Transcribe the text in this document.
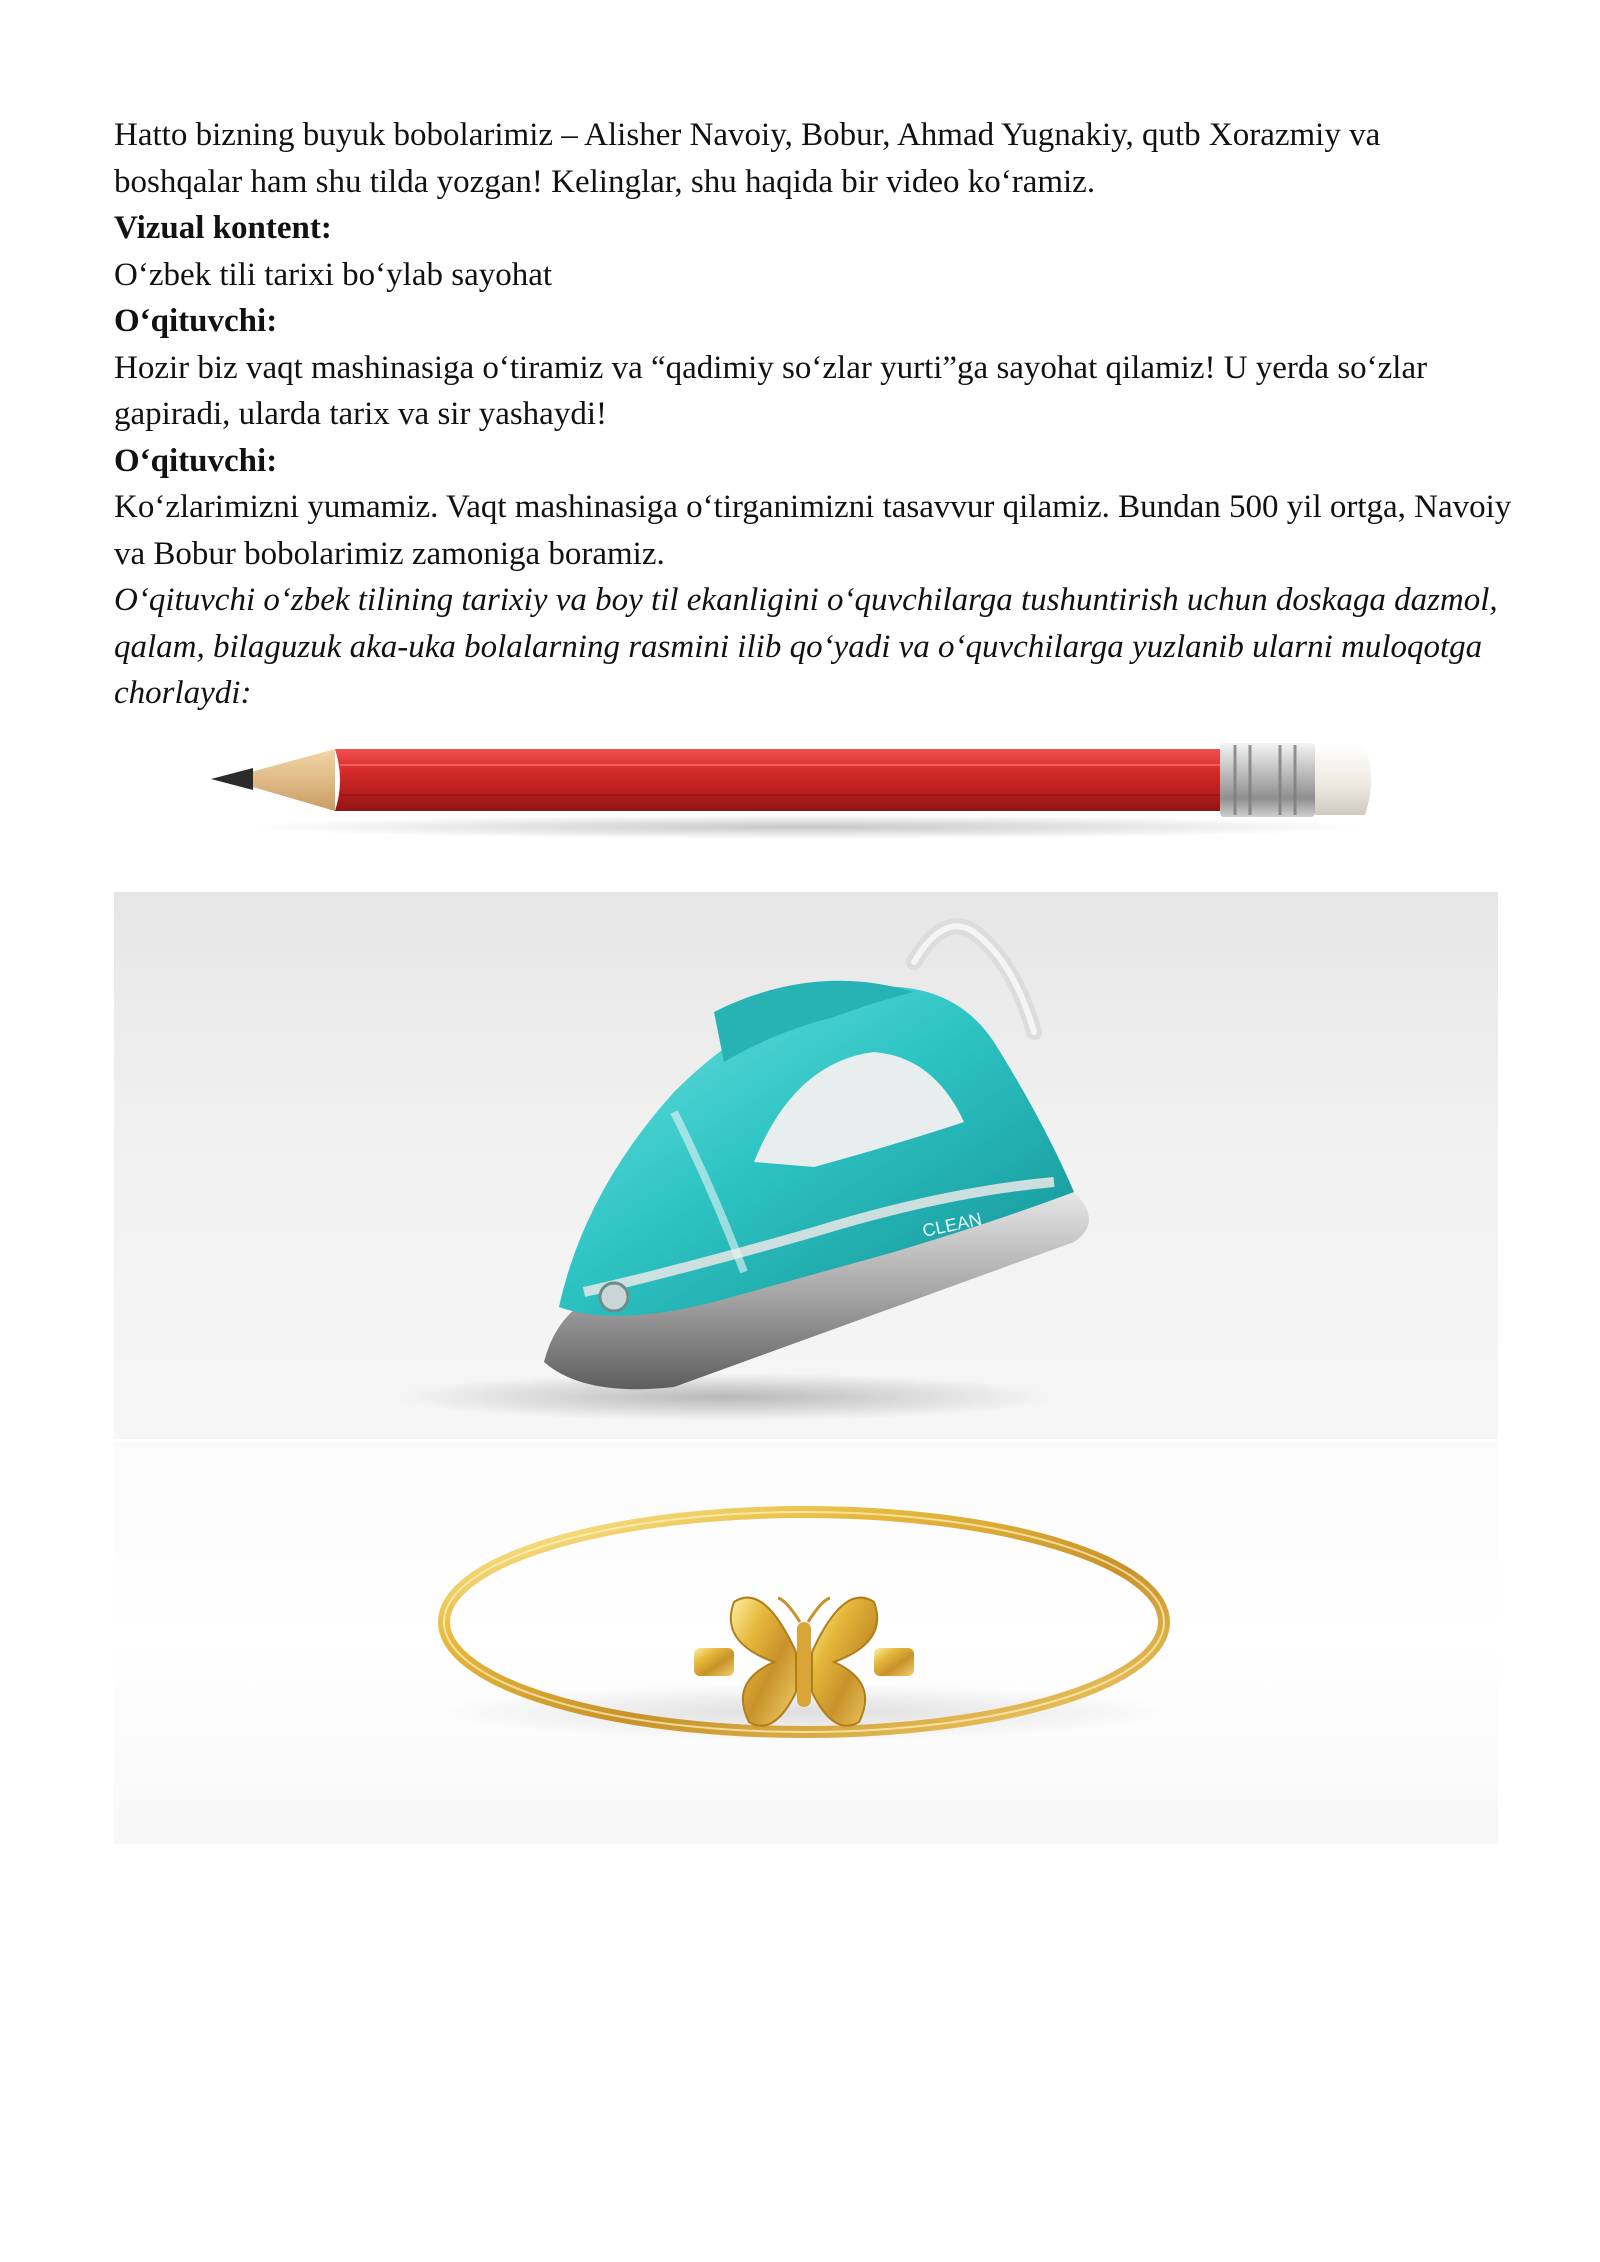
Hatto bizning buyuk bobolarimiz – Alisher Navoiy, Bobur, Ahmad Yugnakiy, qutb Xorazmiy va boshqalar ham shu tilda yozgan! Kelinglar, shu haqida bir video koʻramiz.

Vizual kontent:

Oʻzbek tili tarixi boʻylab sayohat

Oʻqituvchi:

Hozir biz vaqt mashinasiga oʻtiramiz va “qadimiy soʻzlar yurti”ga sayohat qilamiz! U yerda soʻzlar gapiradi, ularda tarix va sir yashaydi!

Oʻqituvchi:

Koʻzlarimizni yumamiz. Vaqt mashinasiga oʻtirganimizni tasavvur qilamiz. Bundan 500 yil ortga, Navoiy va Bobur bobolarimiz zamoniga boramiz.

Oʻqituvchi oʻzbek tilining tarixiy va boy til ekanligini oʻquvchilarga tushuntirish uchun doskaga dazmol, qalam, bilaguzuk aka-uka bolalarning rasmini ilib qoʻyadi va oʻquvchilarga yuzlanib ularni muloqotga chorlaydi:

CLEAN
